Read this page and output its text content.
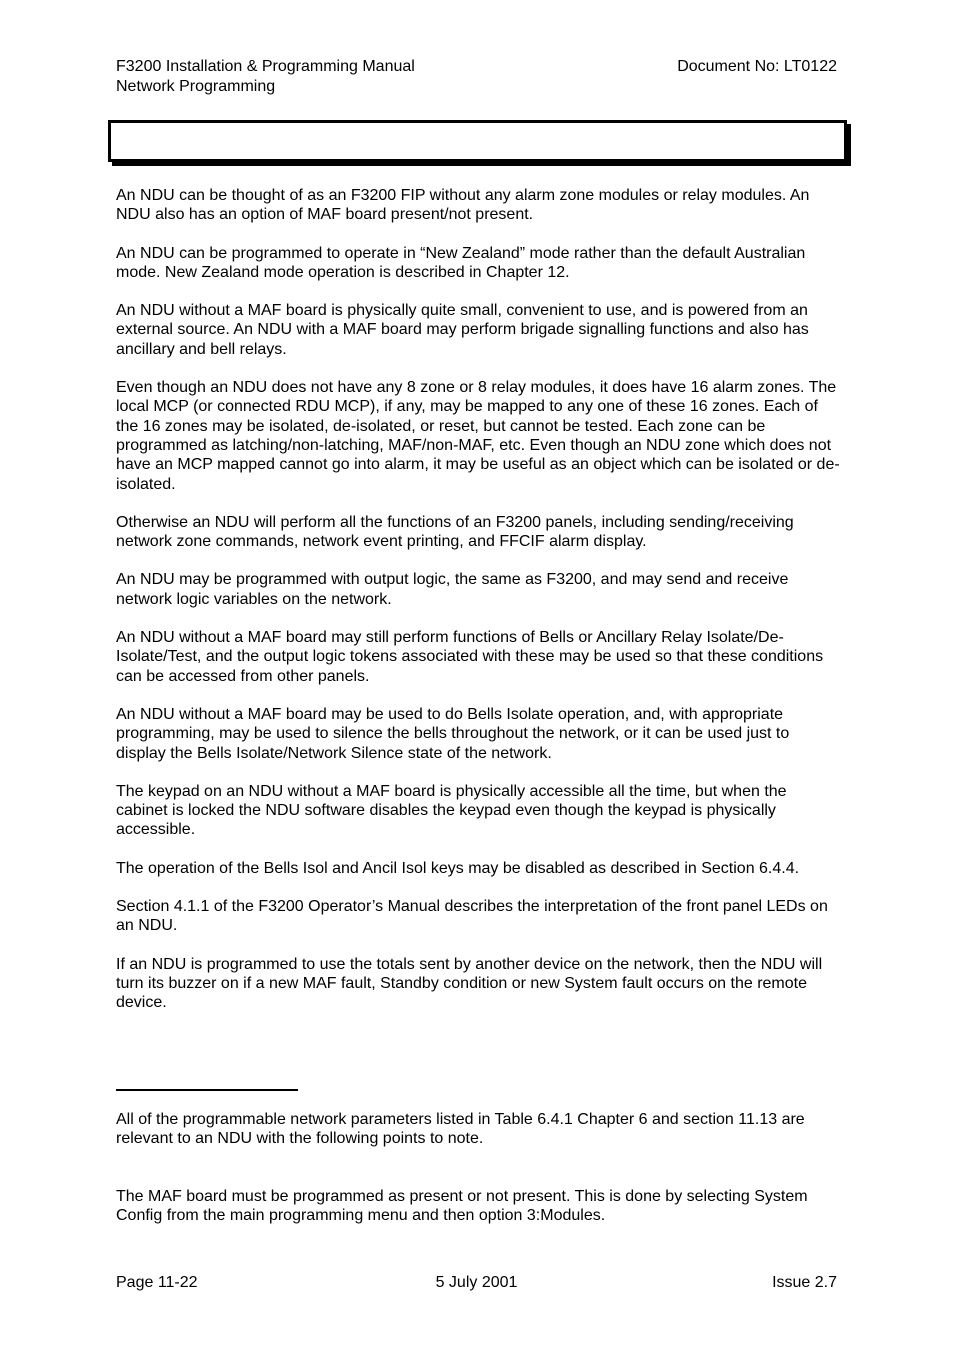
F3200 Installation & Programming Manual
Network Programming
Document No: LT0122

An NDU can be thought of as an F3200 FIP without any alarm zone modules or relay modules. An NDU also has an option of MAF board present/not present.

An NDU can be programmed to operate in “New Zealand” mode rather than the default Australian mode. New Zealand mode operation is described in Chapter 12.

An NDU without a MAF board is physically quite small, convenient to use, and is powered from an external source. An NDU with a MAF board may perform brigade signalling functions and also has ancillary and bell relays.

Even though an NDU does not have any 8 zone or 8 relay modules, it does have 16 alarm zones. The local MCP (or connected RDU MCP), if any, may be mapped to any one of these 16 zones. Each of the 16 zones may be isolated, de-isolated, or reset, but cannot be tested. Each zone can be programmed as latching/non-latching, MAF/non-MAF, etc. Even though an NDU zone which does not have an MCP mapped cannot go into alarm, it may be useful as an object which can be isolated or de-isolated.

Otherwise an NDU will perform all the functions of an F3200 panels, including sending/receiving network zone commands, network event printing, and FFCIF alarm display.

An NDU may be programmed with output logic, the same as F3200, and may send and receive network logic variables on the network.

An NDU without a MAF board may still perform functions of Bells or Ancillary Relay Isolate/De-Isolate/Test, and the output logic tokens associated with these may be used so that these conditions can be accessed from other panels.

An NDU without a MAF board may be used to do Bells Isolate operation, and, with appropriate programming, may be used to silence the bells throughout the network, or it can be used just to display the Bells Isolate/Network Silence state of the network.

The keypad on an NDU without a MAF board is physically accessible all the time, but when the cabinet is locked the NDU software disables the keypad even though the keypad is physically accessible.

The operation of the Bells Isol and Ancil Isol keys may be disabled as described in Section 6.4.4.

Section 4.1.1 of the F3200 Operator’s Manual describes the interpretation of the front panel LEDs on an NDU.

If an NDU is programmed to use the totals sent by another device on the network, then the NDU will turn its buzzer on if a new MAF fault, Standby condition or new System fault occurs on the remote device.

All of the programmable network parameters listed in Table 6.4.1 Chapter 6 and section 11.13 are relevant to an NDU with the following points to note.

The MAF board must be programmed as present or not present. This is done by selecting System Config from the main programming menu and then option 3:Modules.

Page 11-22	5 July 2001	Issue 2.7
